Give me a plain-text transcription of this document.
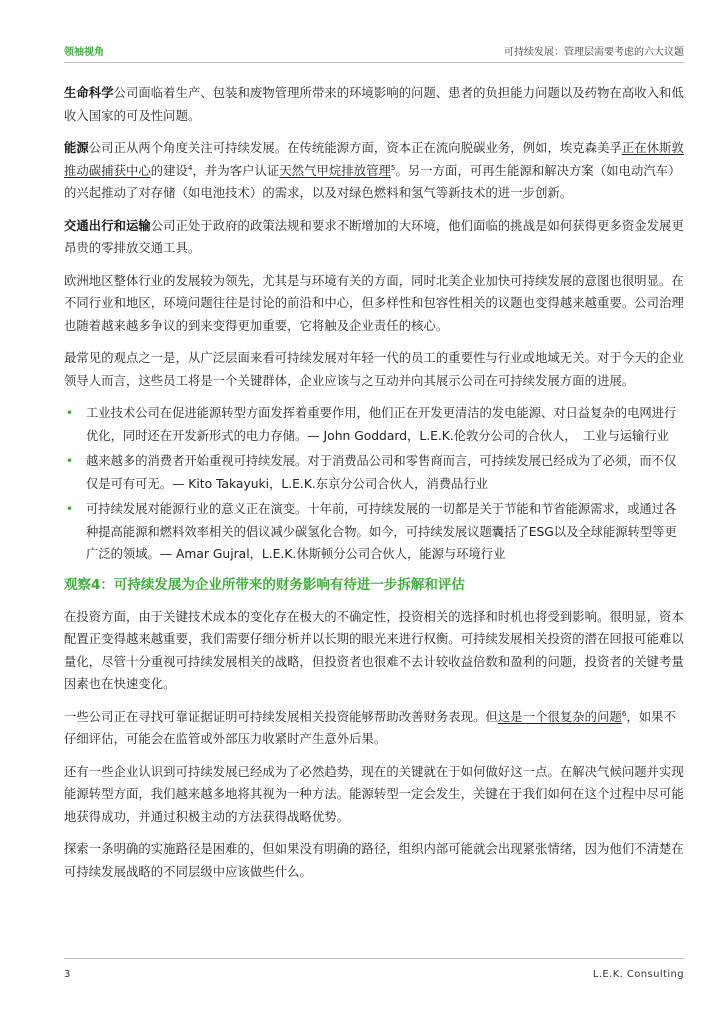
领袖视角	可持续发展：管理层需要考虑的六大议题

生命科学公司面临着生产、包装和废物管理所带来的环境影响的问题、患者的负担能力问题以及药物在高收入和低收入国家的可及性问题。

能源公司正从两个角度关注可持续发展。在传统能源方面，资本正在流向脱碳业务，例如，埃克森美孚正在休斯敦推动碳捕获中心的建设$^4$，并为客户认证天然气甲烷排放管理$^5$。另一方面，可再生能源和解决方案（如电动汽车）的兴起推动了对存储（如电池技术）的需求，以及对绿色燃料和氢气等新技术的进一步创新。

交通出行和运输公司正处于政府的政策法规和要求不断增加的大环境，他们面临的挑战是如何获得更多资金发展更昂贵的零排放交通工具。

欧洲地区整体行业的发展较为领先，尤其是与环境有关的方面，同时北美企业加快可持续发展的意图也很明显。在不同行业和地区，环境问题往往是讨论的前沿和中心，但多样性和包容性相关的议题也变得越来越重要。公司治理也随着越来越多争议的到来变得更加重要，它将触及企业责任的核心。

最常见的观点之一是，从广泛层面来看可持续发展对年轻一代的员工的重要性与行业或地域无关。对于今天的企业领导人而言，这些员工将是一个关键群体，企业应该与之互动并向其展示公司在可持续发展方面的进展。

• 工业技术公司在促进能源转型方面发挥着重要作用，他们正在开发更清洁的发电能源、对日益复杂的电网进行优化，同时还在开发新形式的电力存储。— John Goddard，L.E.K.伦敦分公司的合伙人，　工业与运输行业
• 越来越多的消费者开始重视可持续发展。对于消费品公司和零售商而言，可持续发展已经成为了必须，而不仅仅是可有可无。— Kito Takayuki，L.E.K.东京分公司合伙人，消费品行业
• 可持续发展对能源行业的意义正在演变。十年前，可持续发展的一切都是关于节能和节省能源需求，或通过各种提高能源和燃料效率相关的倡议减少碳氢化合物。如今，可持续发展议题囊括了ESG以及全球能源转型等更广泛的领域。— Amar Gujral，L.E.K.休斯顿分公司合伙人，能源与环境行业
观察4：可持续发展为企业所带来的财务影响有待进一步拆解和评估

在投资方面，由于关键技术成本的变化存在极大的不确定性，投资相关的选择和时机也将受到影响。很明显，资本配置正变得越来越重要，我们需要仔细分析并以长期的眼光来进行权衡。可持续发展相关投资的潜在回报可能难以量化，尽管十分重视可持续发展相关的战略，但投资者也很难不去计较收益倍数和盈利的问题，投资者的关键考量因素也在快速变化。

一些公司正在寻找可靠证据证明可持续发展相关投资能够帮助改善财务表现。但这是一个很复杂的问题$^6$，如果不仔细评估，可能会在监管或外部压力收紧时产生意外后果。

还有一些企业认识到可持续发展已经成为了必然趋势，现在的关键就在于如何做好这一点。在解决气候问题并实现能源转型方面，我们越来越多地将其视为一种方法。能源转型一定会发生，关键在于我们如何在这个过程中尽可能地获得成功，并通过积极主动的方法获得战略优势。

探索一条明确的实施路径是困难的，但如果没有明确的路径，组织内部可能就会出现紧张情绪，因为他们不清楚在可持续发展战略的不同层级中应该做些什么。

3	L.E.K. Consulting
